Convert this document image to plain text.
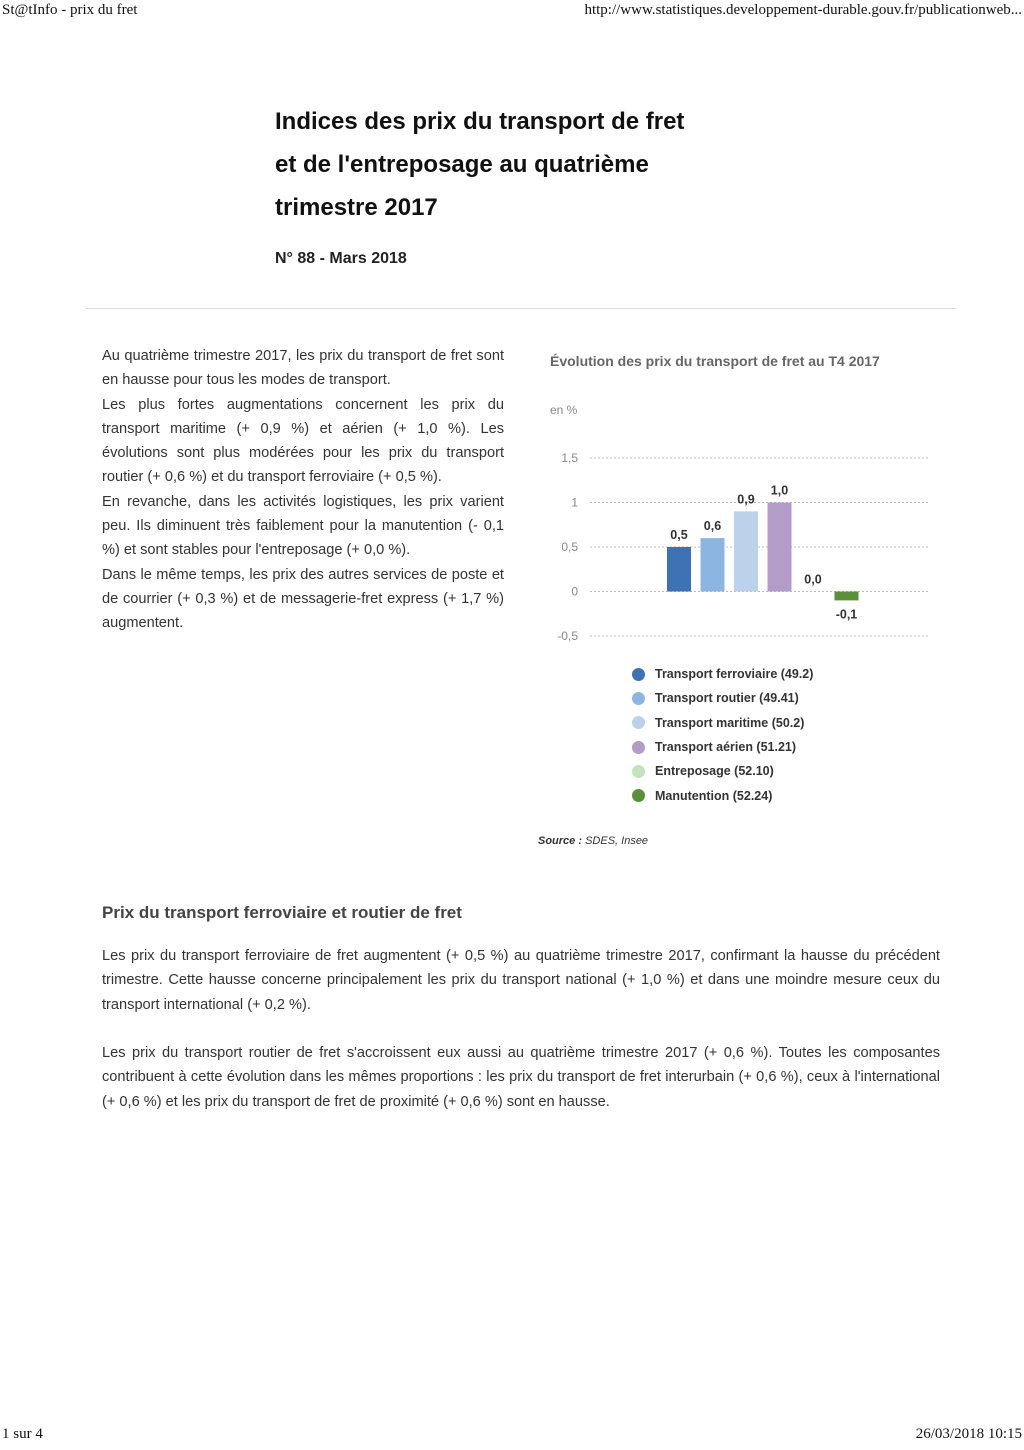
St@tInfo - prix du fret	http://www.statistiques.developpement-durable.gouv.fr/publicationweb...
Indices des prix du transport de fret
et de l'entreposage au quatrième
trimestre 2017
N° 88 - Mars 2018

Au quatrième trimestre 2017, les prix du transport de fret sont en hausse pour tous les modes de transport.

Les plus fortes augmentations concernent les prix du transport maritime (+ 0,9 %) et aérien (+ 1,0 %). Les évolutions sont plus modérées pour les prix du transport routier (+ 0,6 %) et du transport ferroviaire (+ 0,5 %).

En revanche, dans les activités logistiques, les prix varient peu. Ils diminuent très faiblement pour la manutention (- 0,1 %) et sont stables pour l'entreposage (+ 0,0 %).

Dans le même temps, les prix des autres services de poste et de courrier (+ 0,3 %) et de messagerie-fret express (+ 1,7 %) augmentent.

Évolution des prix du transport de fret au T4 2017
en %
-0,5
0
0,5
1
1,5
0,5
0,6
0,9
1,0
0,0
-0,1
Transport ferroviaire (49.2)
Transport routier (49.41)
Transport maritime (50.2)
Transport aérien (51.21)
Entreposage (52.10)
Manutention (52.24)
Source : SDES, Insee
Prix du transport ferroviaire et routier de fret

Les prix du transport ferroviaire de fret augmentent (+ 0,5 %) au quatrième trimestre 2017, confirmant la hausse du précédent trimestre. Cette hausse concerne principalement les prix du transport national (+ 1,0 %) et dans une moindre mesure ceux du transport international (+ 0,2 %).

Les prix du transport routier de fret s'accroissent eux aussi au quatrième trimestre 2017 (+ 0,6 %). Toutes les composantes contribuent à cette évolution dans les mêmes proportions : les prix du transport de fret interurbain (+ 0,6 %), ceux à l'international (+ 0,6 %) et les prix du transport de fret de proximité (+ 0,6 %) sont en hausse.

1 sur 4	26/03/2018 10:15
